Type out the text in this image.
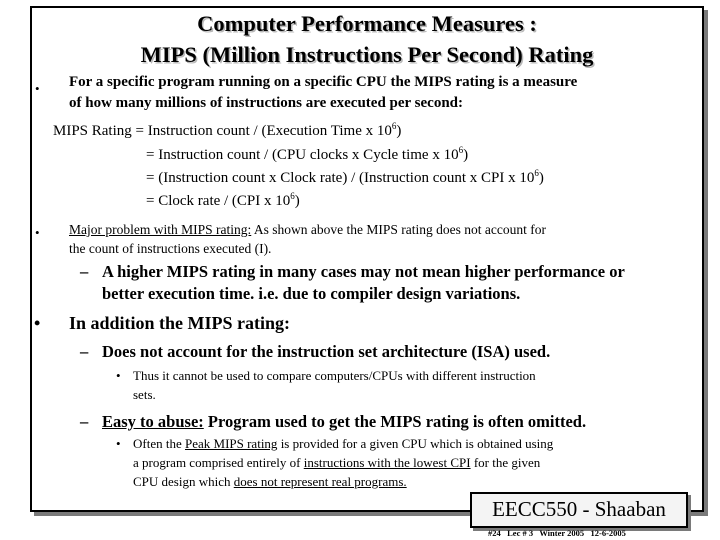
Computer Performance Measures :
MIPS (Million Instructions Per Second) Rating
• For a specific program running on a specific CPU the MIPS rating is a measure
of how many millions of instructions are executed per second:
MIPS Rating = Instruction count / (Execution Time x $10^6$)
= Instruction count / (CPU clocks x Cycle time x $10^6$)
= (Instruction count x Clock rate) / (Instruction count x CPI x $10^6$)
= Clock rate / (CPI x $10^6$)
• Major problem with MIPS rating: As shown above the MIPS rating does not account for
the count of instructions executed (I).
– A higher MIPS rating in many cases may not mean higher performance or
better execution time. i.e. due to compiler design variations.
• In addition the MIPS rating:
– Does not account for the instruction set architecture (ISA) used.
• Thus it cannot be used to compare computers/CPUs with different instruction
sets.
– Easy to abuse: Program used to get the MIPS rating is often omitted.
• Often the Peak MIPS rating is provided for a given CPU which is obtained using
a program comprised entirely of instructions with the lowest CPI for the given
CPU design which does not represent real programs.
EECC550 - Shaaban
#24 Lec # 3 Winter 2005 12-6-2005
